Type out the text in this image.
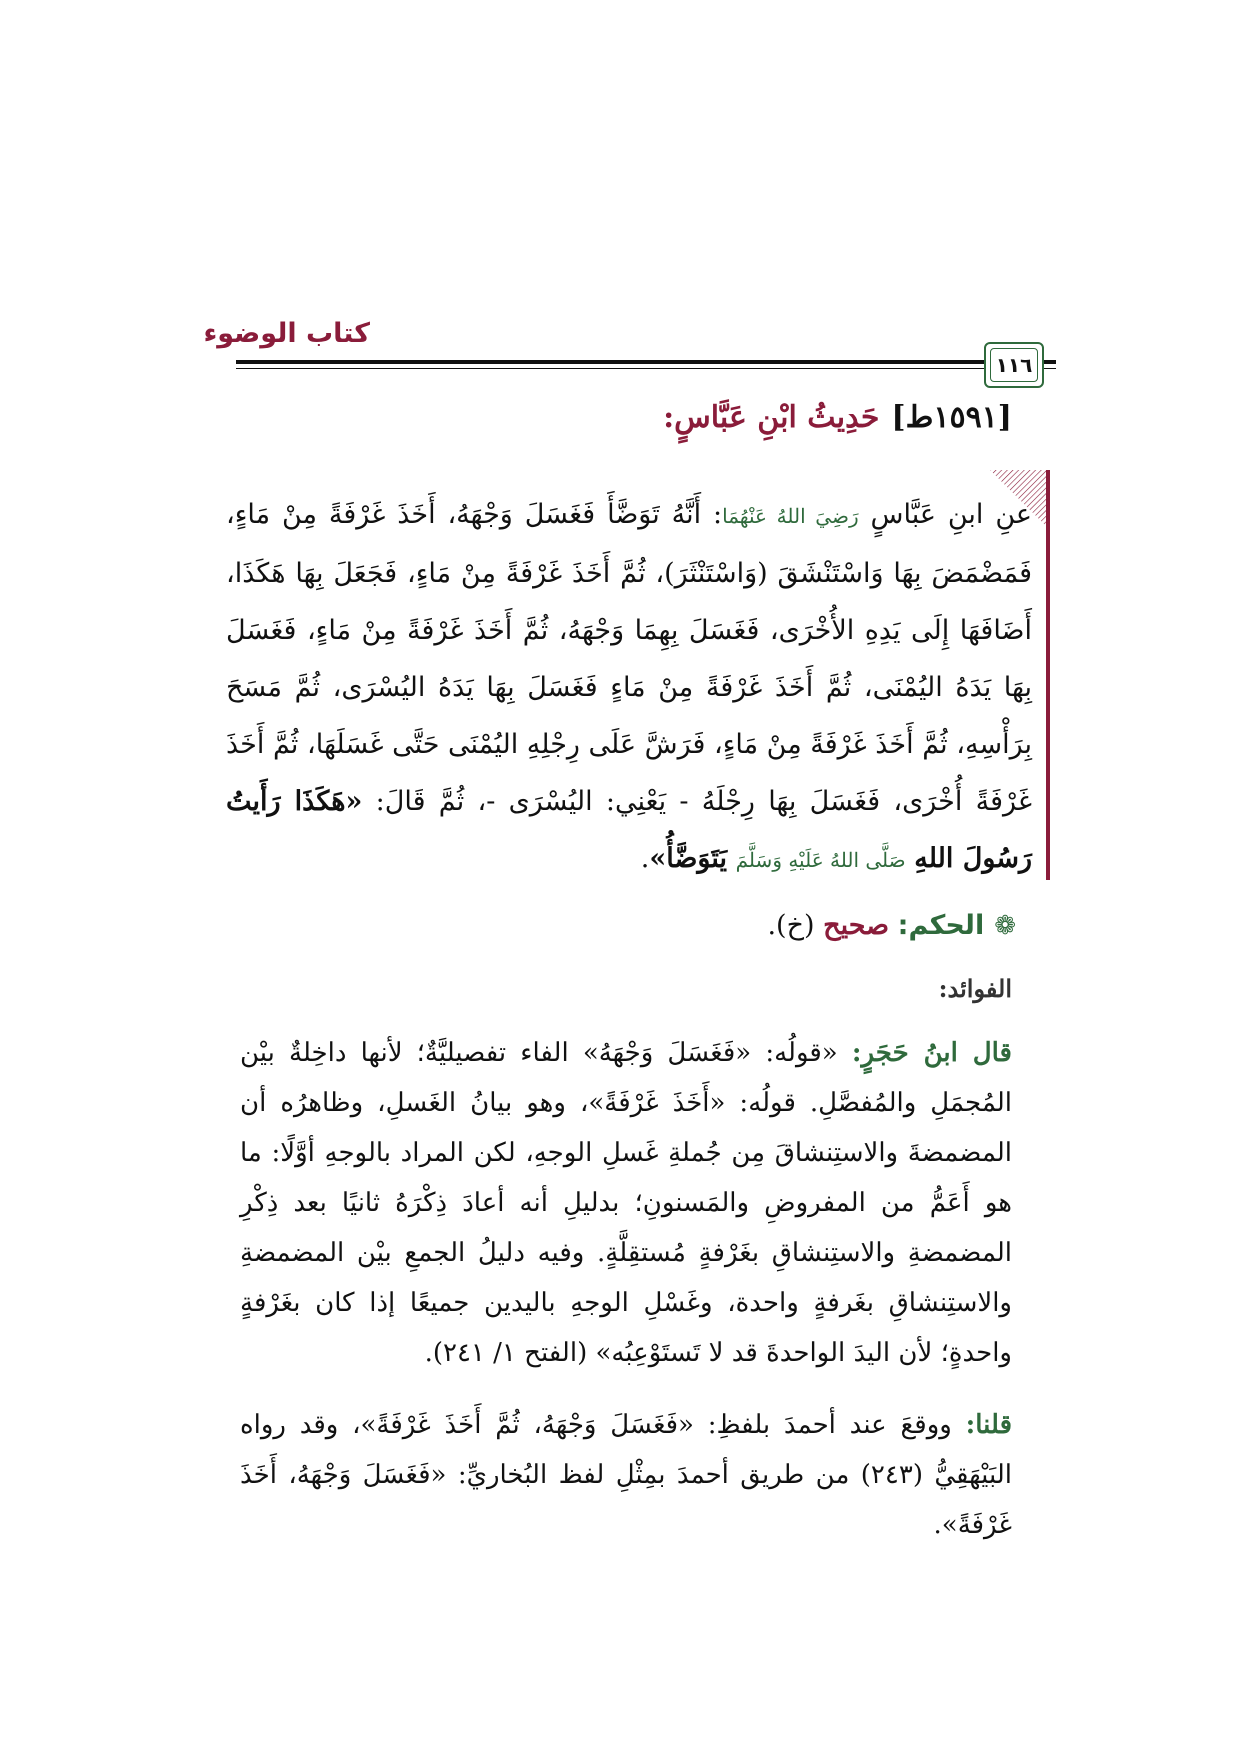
كتاب الوضوء
١١٦
[١٥٩١ط]حَدِيثُ ابْنِ عَبَّاسٍ:
عنِ ابنِ عَبَّاسٍ رَضِيَ اللهُ عَنْهُمَا: أَنَّهُ تَوَضَّأَ فَغَسَلَ وَجْهَهُ، أَخَذَ غَرْفَةً مِنْ مَاءٍ، فَمَضْمَضَ بِهَا وَاسْتَنْشَقَ (وَاسْتَنْثَرَ)، ثُمَّ أَخَذَ غَرْفَةً مِنْ مَاءٍ، فَجَعَلَ بِهَا هَكَذَا، أَضَافَهَا إِلَى يَدِهِ الأُخْرَى، فَغَسَلَ بِهِمَا وَجْهَهُ، ثُمَّ أَخَذَ غَرْفَةً مِنْ مَاءٍ، فَغَسَلَ بِهَا يَدَهُ اليُمْنَى، ثُمَّ أَخَذَ غَرْفَةً مِنْ مَاءٍ فَغَسَلَ بِهَا يَدَهُ اليُسْرَى، ثُمَّ مَسَحَ بِرَأْسِهِ، ثُمَّ أَخَذَ غَرْفَةً مِنْ مَاءٍ، فَرَشَّ عَلَى رِجْلِهِ اليُمْنَى حَتَّى غَسَلَهَا، ثُمَّ أَخَذَ غَرْفَةً أُخْرَى، فَغَسَلَ بِهَا رِجْلَهُ - يَعْنِي: اليُسْرَى -، ثُمَّ قَالَ: «هَكَذَا رَأَيتُ رَسُولَ اللهِ صَلَّى اللهُ عَلَيْهِ وَسَلَّمَ يَتَوَضَّأُ».
❁الحكم: صحيح (خ).
الفوائد:
قال ابنُ حَجَرٍ: «قولُه: «فَغَسَلَ وَجْهَهُ» الفاء تفصيليَّةٌ؛ لأنها داخِلةٌ بيْن المُجمَلِ والمُفصَّلِ. قولُه: «أَخَذَ غَرْفَةً»، وهو بيانُ الغَسلِ، وظاهرُه أن المضمضةَ والاستِنشاقَ مِن جُملةِ غَسلِ الوجهِ، لكن المراد بالوجهِ أوَّلًا: ما هو أَعَمُّ من المفروضِ والمَسنونِ؛ بدليلِ أنه أعادَ ذِكْرَهُ ثانيًا بعد ذِكْرِ المضمضةِ والاستِنشاقِ بغَرْفةٍ مُستقِلَّةٍ. وفيه دليلُ الجمعِ بيْن المضمضةِ والاستِنشاقِ بغَرفةٍ واحدة، وغَسْلِ الوجهِ باليدين جميعًا إذا كان بغَرْفةٍ واحدةٍ؛ لأن اليدَ الواحدةَ قد لا تَستَوْعِبُه» (الفتح ١/ ٢٤١).
قلنا: ووقعَ عند أحمدَ بلفظِ: «فَغَسَلَ وَجْهَهُ، ثُمَّ أَخَذَ غَرْفَةً»، وقد رواه البَيْهَقِيُّ (٢٤٣) من طريق أحمدَ بمِثْلِ لفظ البُخاريِّ: «فَغَسَلَ وَجْهَهُ، أَخَذَ غَرْفَةً».
